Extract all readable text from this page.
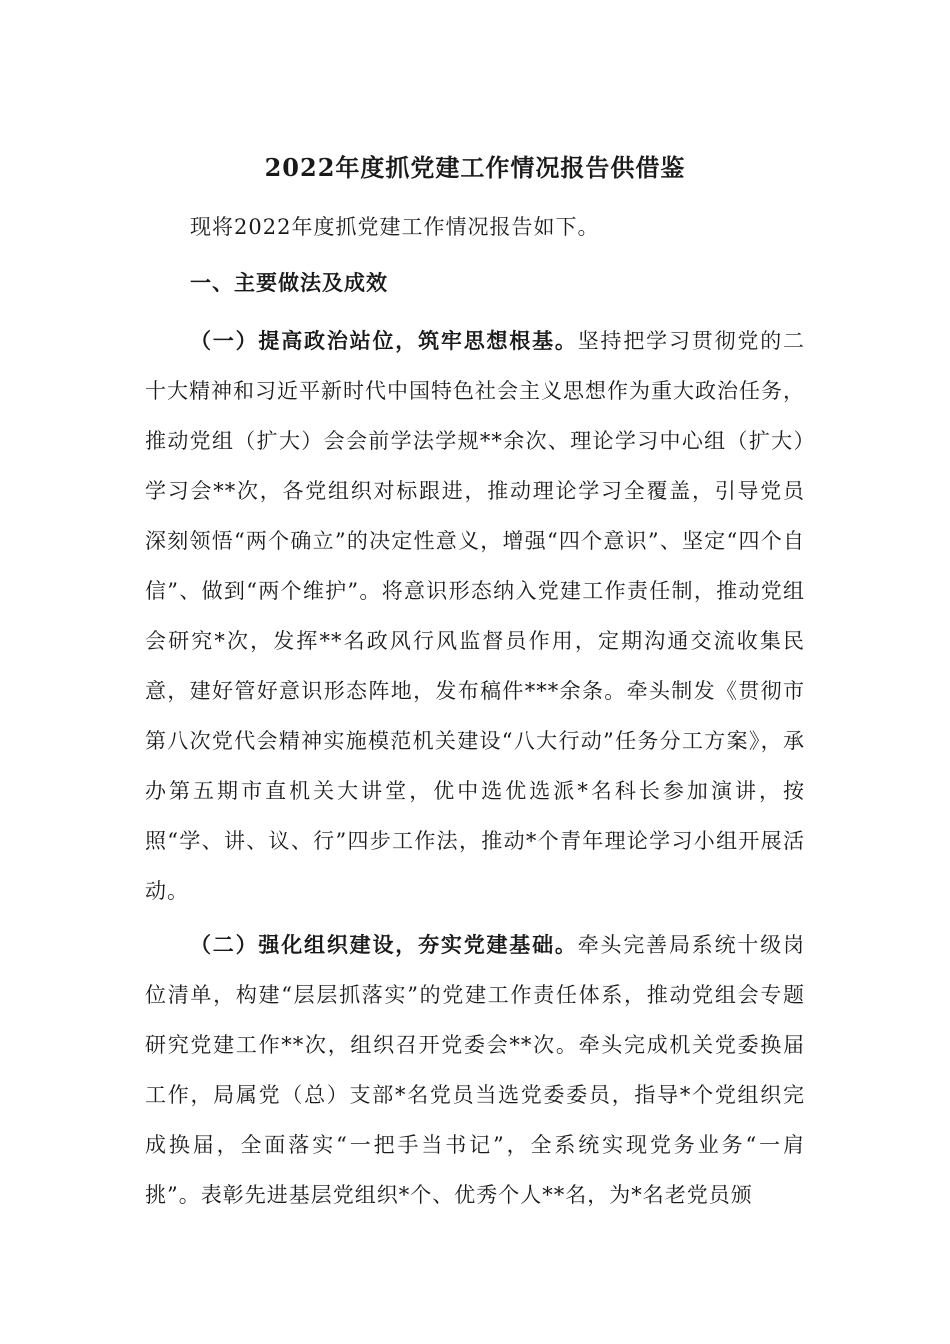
2022年度抓党建工作情况报告供借鉴
现将2022年度抓党建工作情况报告如下。
一、主要做法及成效
（一）提高政治站位，筑牢思想根基。坚持把学习贯彻党的二十大精神和习近平新时代中国特色社会主义思想作为重大政治任务，推动党组（扩大）会会前学法学规**余次、理论学习中心组（扩大）学习会**次，各党组织对标跟进，推动理论学习全覆盖，引导党员深刻领悟“两个确立”的决定性意义，增强“四个意识”、坚定“四个自信”、做到“两个维护”。将意识形态纳入党建工作责任制，推动党组会研究*次，发挥**名政风行风监督员作用，定期沟通交流收集民意，建好管好意识形态阵地，发布稿件***余条。牵头制发《贯彻市第八次党代会精神实施模范机关建设“八大行动”任务分工方案》，承办第五期市直机关大讲堂，优中选优选派*名科长参加演讲，按照“学、讲、议、行”四步工作法，推动*个青年理论学习小组开展活动。
（二）强化组织建设，夯实党建基础。牵头完善局系统十级岗位清单，构建“层层抓落实”的党建工作责任体系，推动党组会专题研究党建工作**次，组织召开党委会**次。牵头完成机关党委换届工作，局属党（总）支部*名党员当选党委委员，指导*个党组织完成换届，全面落实“一把手当书记”，全系统实现党务业务“一肩挑”。表彰先进基层党组织*个、优秀个人**名，为*名老党员颁
